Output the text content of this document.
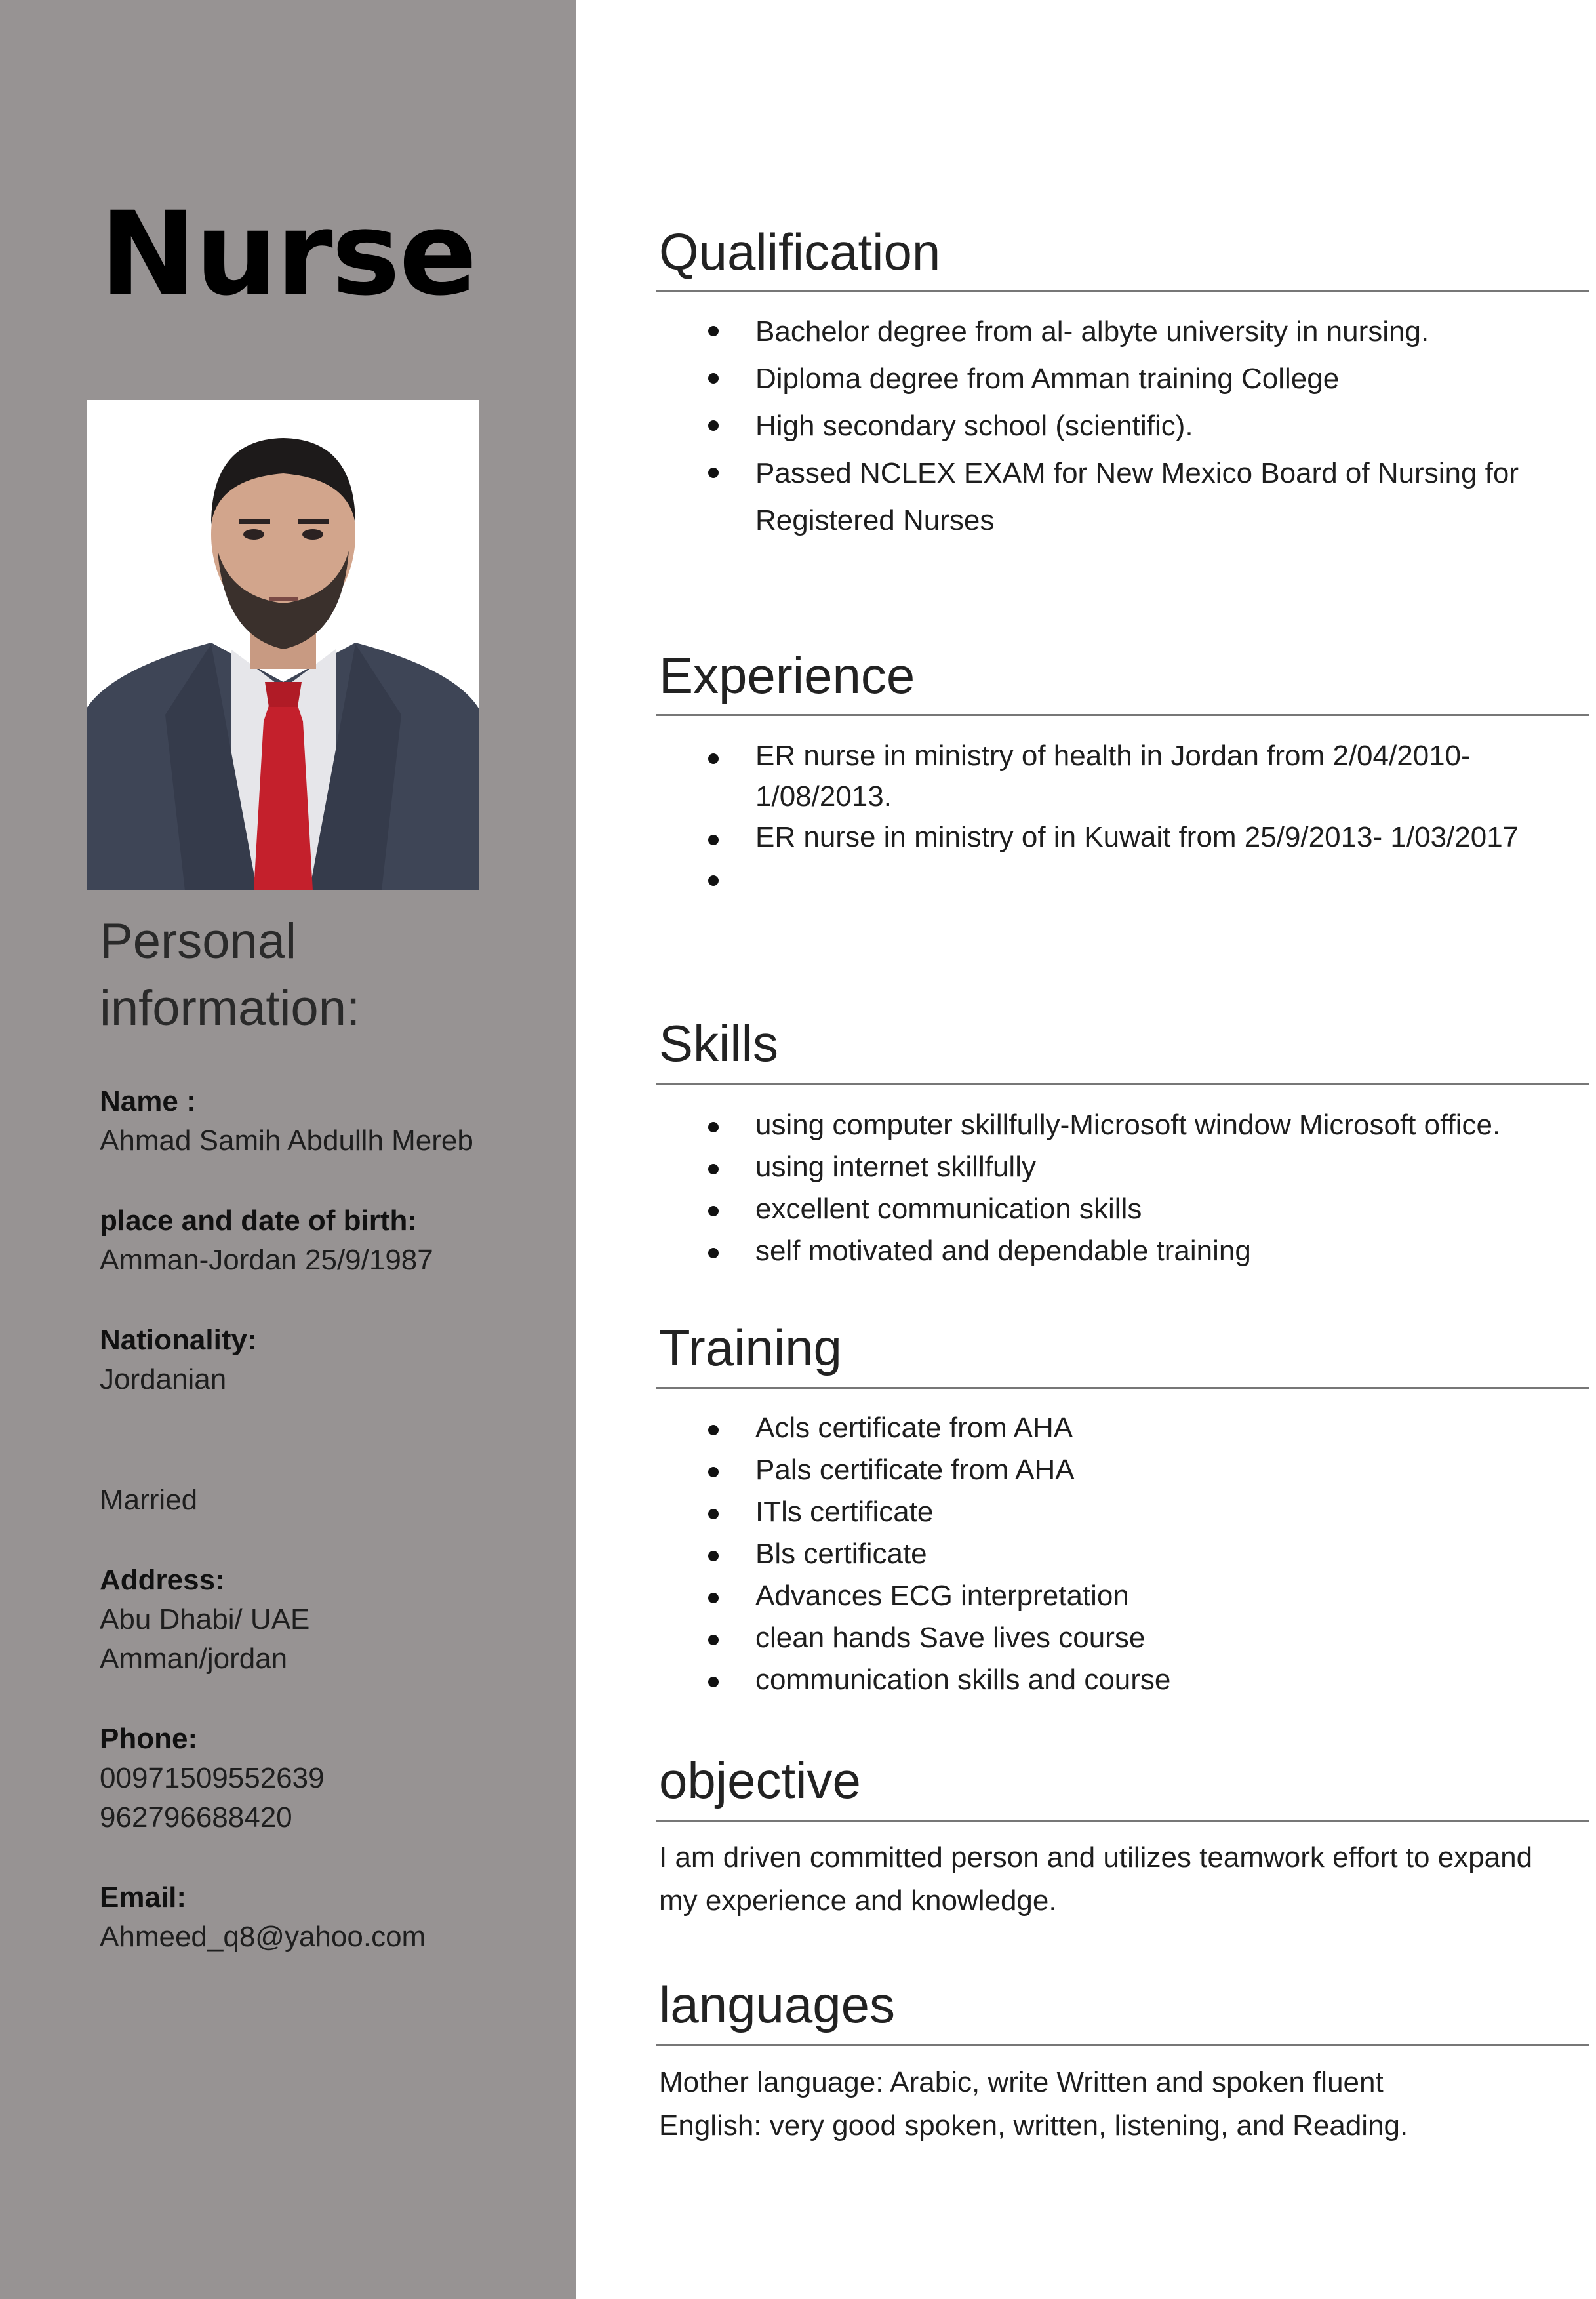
Nurse
Personal information:
Name :
Ahmad Samih Abdullh Mereb
place and date of birth:
Amman-Jordan 25/9/1987
Nationality:
Jordanian
Married
Address:
Abu Dhabi/ UAE
Amman/jordan
Phone:
00971509552639
962796688420
Email:
Ahmeed_q8@yahoo.com
Qualification
Bachelor degree from al- albyte university in nursing.
Diploma degree from Amman training College
High secondary school (scientific).
Passed NCLEX EXAM for New Mexico Board of Nursing for Registered Nurses
Experience
ER nurse in ministry of health in Jordan from 2/04/2010-1/08/2013.
ER nurse in ministry of in Kuwait from 25/9/2013- 1/03/2017
Skills
using computer skillfully-Microsoft window Microsoft office.
using internet skillfully
excellent communication skills
self motivated and dependable training
Training
Acls certificate from AHA
Pals certificate from AHA
ITls certificate
Bls certificate
Advances ECG interpretation
clean hands Save lives course
communication skills and course
objective
I am driven committed person and utilizes teamwork effort to expand my experience and knowledge.
languages
Mother language: Arabic, write Written and spoken fluent
English: very good spoken, written, listening, and Reading.
